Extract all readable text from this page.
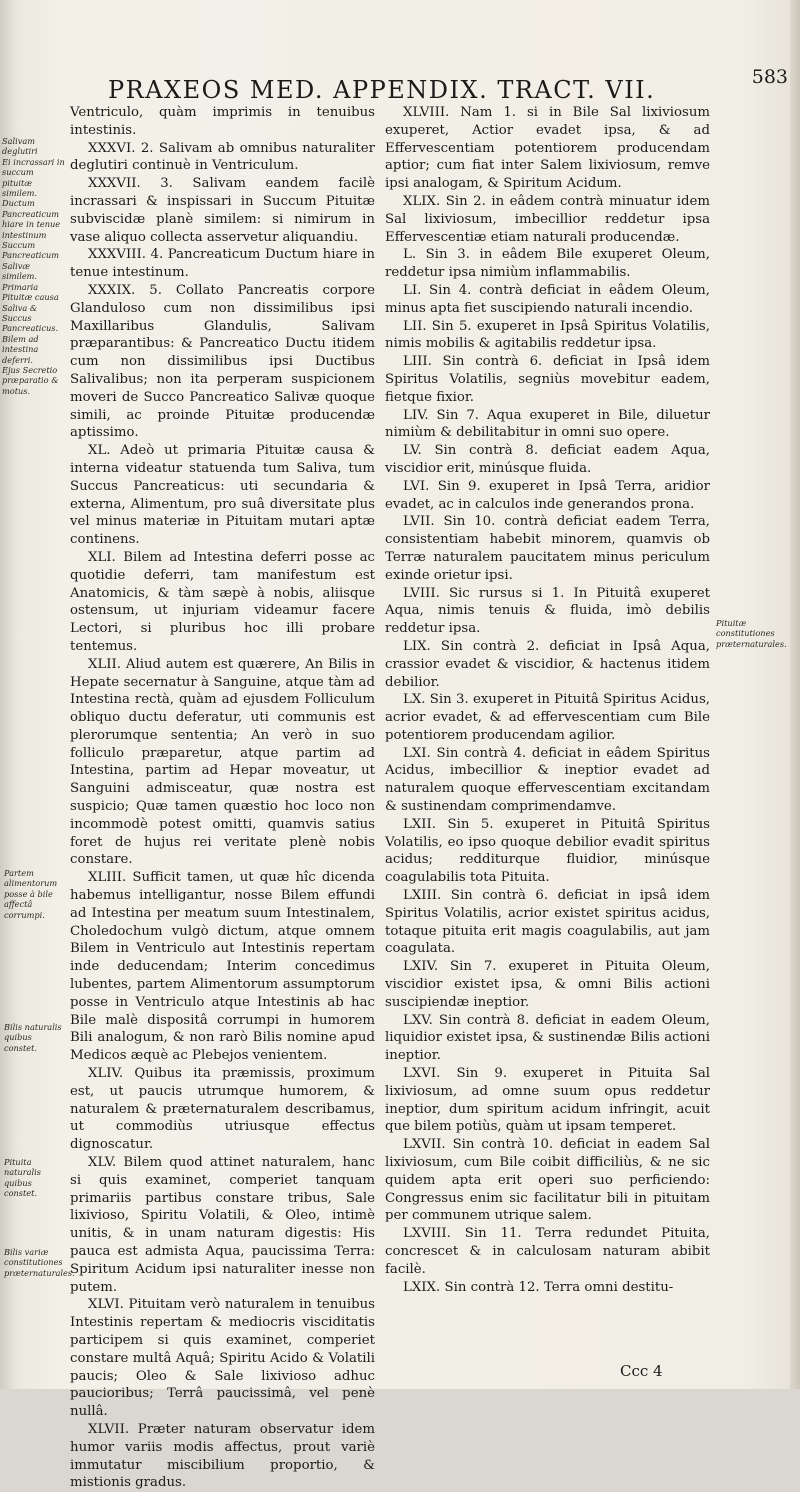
PRAXEOS MED. APPENDIX. TRACT. VII.	583
Salivam deglutiri
Ei incrassari in succum pituitæ similem.
Ductum Pancreaticum hiare in tenue intestinum
Succum Pancreaticum Salivæ similem.
Primaria Pituitæ causa Saliva & Succus Pancreaticus.
Bilem ad intestina deferri.
Ejus Secretio præparatio & motus.
Partem alimentorum posse à bile affectâ corrumpi.
Bilis naturalis quibus constet.
Pituita naturalis quibus constet.
Bilis variæ constitutiones præternaturales.
Pituitæ constitutiones præternaturales.

Ventriculo, quàm imprimis in tenuibus intestinis.

XXXVI. 2. Salivam ab omnibus naturaliter deglutiri continuè in Ventriculum.

XXXVII. 3. Salivam eandem facilè incrassari & inspissari in Succum Pituitæ subviscidæ planè similem: si nimirum in vase aliquo collecta asservetur aliquandiu.

XXXVIII. 4. Pancreaticum Ductum hiare in tenue intestinum.

XXXIX. 5. Collato Pancreatis corpore Glanduloso cum non dissimilibus ipsi Maxillaribus Glandulis, Salivam præparantibus: & Pancreatico Ductu itidem cum non dissimilibus ipsi Ductibus Salivalibus; non ita perperam suspicionem moveri de Succo Pancreatico Salivæ quoque simili, ac proinde Pituitæ producendæ aptissimo.

XL. Adeò ut primaria Pituitæ causa & interna videatur statuenda tum Saliva, tum Succus Pancreaticus: uti secundaria & externa, Alimentum, pro suâ diversitate plus vel minus materiæ in Pituitam mutari aptæ continens.

XLI. Bilem ad Intestina deferri posse ac quotidie deferri, tam manifestum est Anatomicis, & tàm sæpè à nobis, aliisque ostensum, ut injuriam videamur facere Lectori, si pluribus hoc illi probare tentemus.

XLII. Aliud autem est quærere, An Bilis in Hepate secernatur à Sanguine, atque tàm ad Intestina rectà, quàm ad ejusdem Folliculum obliquo ductu deferatur, uti communis est plerorumque sententia; An verò in suo folliculo præparetur, atque partim ad Intestina, partim ad Hepar moveatur, ut Sanguini admisceatur, quæ nostra est suspicio; Quæ tamen quæstio hoc loco non incommodè potest omitti, quamvis satius foret de hujus rei veritate plenè nobis constare.

XLIII. Sufficit tamen, ut quæ hîc dicenda habemus intelligantur, nosse Bilem effundi ad Intestina per meatum suum Intestinalem, Choledochum vulgò dictum, atque omnem Bilem in Ventriculo aut Intestinis repertam inde deducendam; Interim concedimus lubentes, partem Alimentorum assumptorum posse in Ventriculo atque Intestinis ab hac Bile malè dispositâ corrumpi in humorem Bili analogum, & non rarò Bilis nomine apud Medicos æquè ac Plebejos venientem.

XLIV. Quibus ita præmissis, proximum est, ut paucis utrumque humorem, & naturalem & præternaturalem describamus, ut commodiùs utriusque effectus dignoscatur.

XLV. Bilem quod attinet naturalem, hanc si quis examinet, comperiet tanquam primariis partibus constare tribus, Sale lixivioso, Spiritu Volatili, & Oleo, intimè unitis, & in unam naturam digestis: His pauca est admista Aqua, paucissima Terra: Spiritum Acidum ipsi naturaliter inesse non putem.

XLVI. Pituitam verò naturalem in tenuibus Intestinis repertam & mediocris visciditatis participem si quis examinet, comperiet constare multâ Aquâ; Spiritu Acido & Volatili paucis; Oleo & Sale lixivioso adhuc paucioribus; Terrâ paucissimâ, vel penè nullâ.

XLVII. Præter naturam observatur idem humor variis modis affectus, prout variè immutatur miscibilium proportio, & mistionis gradus.

XLVIII. Nam 1. si in Bile Sal lixiviosum exuperet, Actior evadet ipsa, & ad Effervescentiam potentiorem producendam aptior; cum fiat inter Salem lixiviosum, remve ipsi analogam, & Spiritum Acidum.

XLIX. Sin 2. in eâdem contrà minuatur idem Sal lixiviosum, imbecillior reddetur ipsa Effervescentiæ etiam naturali producendæ.

L. Sin 3. in eâdem Bile exuperet Oleum, reddetur ipsa nimiùm inflammabilis.

LI. Sin 4. contrà deficiat in eâdem Oleum, minus apta fiet suscipiendo naturali incendio.

LII. Sin 5. exuperet in Ipsâ Spiritus Volatilis, nimis mobilis & agitabilis reddetur ipsa.

LIII. Sin contrà 6. deficiat in Ipsâ idem Spiritus Volatilis, segniùs movebitur eadem, fietque fixior.

LIV. Sin 7. Aqua exuperet in Bile, diluetur nimiùm & debilitabitur in omni suo opere.

LV. Sin contrà 8. deficiat eadem Aqua, viscidior erit, minúsque fluida.

LVI. Sin 9. exuperet in Ipsâ Terra, aridior evadet, ac in calculos inde generandos prona.

LVII. Sin 10. contrà deficiat eadem Terra, consistentiam habebit minorem, quamvis ob Terræ naturalem paucitatem minus periculum exinde orietur ipsi.

LVIII. Sic rursus si 1. In Pituitâ exuperet Aqua, nimis tenuis & fluida, imò debilis reddetur ipsa.

LIX. Sin contrà 2. deficiat in Ipsâ Aqua, crassior evadet & viscidior, & hactenus itidem debilior.

LX. Sin 3. exuperet in Pituitâ Spiritus Acidus, acrior evadet, & ad effervescentiam cum Bile potentiorem producendam agilior.

LXI. Sin contrà 4. deficiat in eâdem Spiritus Acidus, imbecillior & ineptior evadet ad naturalem quoque effervescentiam excitandam & sustinendam comprimendamve.

LXII. Sin 5. exuperet in Pituitâ Spiritus Volatilis, eo ipso quoque debilior evadit spiritus acidus; redditurque fluidior, minúsque coagulabilis tota Pituita.

LXIII. Sin contrà 6. deficiat in ipsâ idem Spiritus Volatilis, acrior existet spiritus acidus, totaque pituita erit magis coagulabilis, aut jam coagulata.

LXIV. Sin 7. exuperet in Pituita Oleum, viscidior existet ipsa, & omni Bilis actioni suscipiendæ ineptior.

LXV. Sin contrà 8. deficiat in eadem Oleum, liquidior existet ipsa, & sustinendæ Bilis actioni ineptior.

LXVI. Sin 9. exuperet in Pituita Sal lixiviosum, ad omne suum opus reddetur ineptior, dum spiritum acidum infringit, acuit que bilem potiùs, quàm ut ipsam temperet.

LXVII. Sin contrà 10. deficiat in eadem Sal lixiviosum, cum Bile coibit difficiliùs, & ne sic quidem apta erit operi suo perficiendo: Congressus enim sic facilitatur bili in pituitam per communem utrique salem.

LXVIII. Sin 11. Terra redundet Pituita, concrescet & in calculosam naturam abibit facilè.

LXIX. Sin contrà 12. Terra omni destitu-

Ccc 4
